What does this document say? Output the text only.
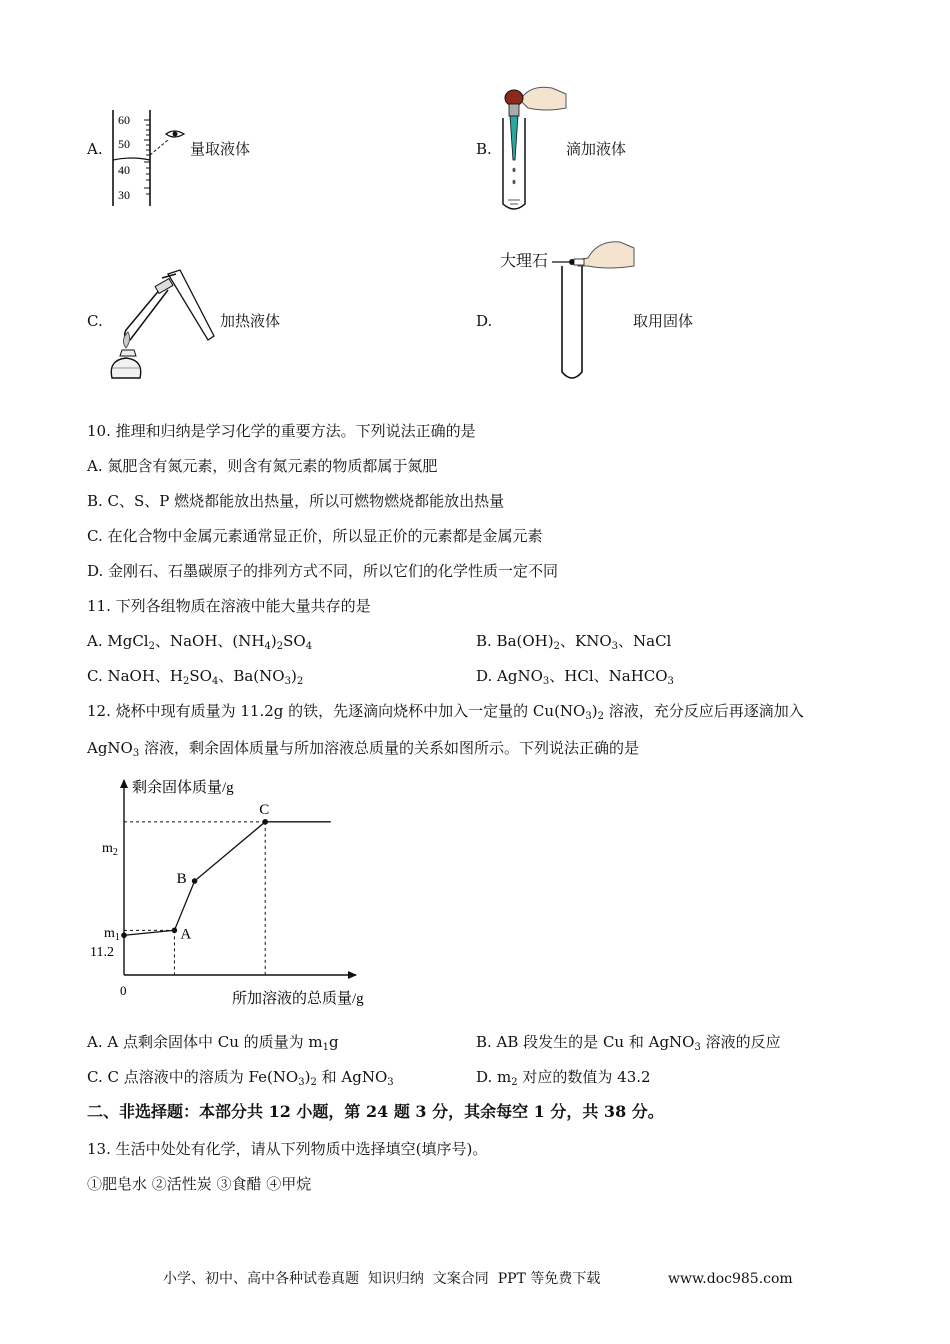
A.
60
50
40
30
量取液体	B.	滴加液体
C.	加热液体	D.
大理石
取用固体
10. 推理和归纳是学习化学的重要方法。下列说法正确的是
A. 氮肥含有氮元素，则含有氮元素的物质都属于氮肥
B. C、S、P 燃烧都能放出热量，所以可燃物燃烧都能放出热量
C. 在化合物中金属元素通常显正价，所以显正价的元素都是金属元素
D. 金刚石、石墨碳原子的排列方式不同，所以它们的化学性质一定不同
11. 下列各组物质在溶液中能大量共存的是
A. MgCl$_2$、NaOH、$(NH_4)_2SO_4$	B. $Ba(OH)_2$、$KNO_3$、NaCl
C. NaOH、$H_2SO_4$、$Ba(NO_3)_2$	D. AgNO$_3$、HCl、NaHCO$_3$
12. 烧杯中现有质量为 11.2g 的铁，先逐滴向烧杯中加入一定量的 $Cu(NO_3)_2$ 溶液，充分反应后再逐滴加入
AgNO$_3$ 溶液，剩余固体质量与所加溶液总质量的关系如图所示。下列说法正确的是
剩余固体质量/g
所加溶液的总质量/g
0
$m_2$
$m_1$
11.2
A
B
C
A. A 点剩余固体中 Cu 的质量为 $m_1g$	B. AB 段发生的是 Cu 和 AgNO$_3$ 溶液的反应
C. C 点溶液中的溶质为 $Fe(NO_3)_2$ 和 AgNO$_3$	D. $m_2$ 对应的数值为 43.2
二、非选择题：本部分共 12 小题，第 24 题 3 分，其余每空 1 分，共 38 分。
13. 生活中处处有化学，请从下列物质中选择填空(填序号)。
①肥皂水 ②活性炭 ③食醋 ④甲烷
小学、初中、高中各种试卷真题  知识归纳  文案合同  PPT 等免费下载	www.doc985.com
